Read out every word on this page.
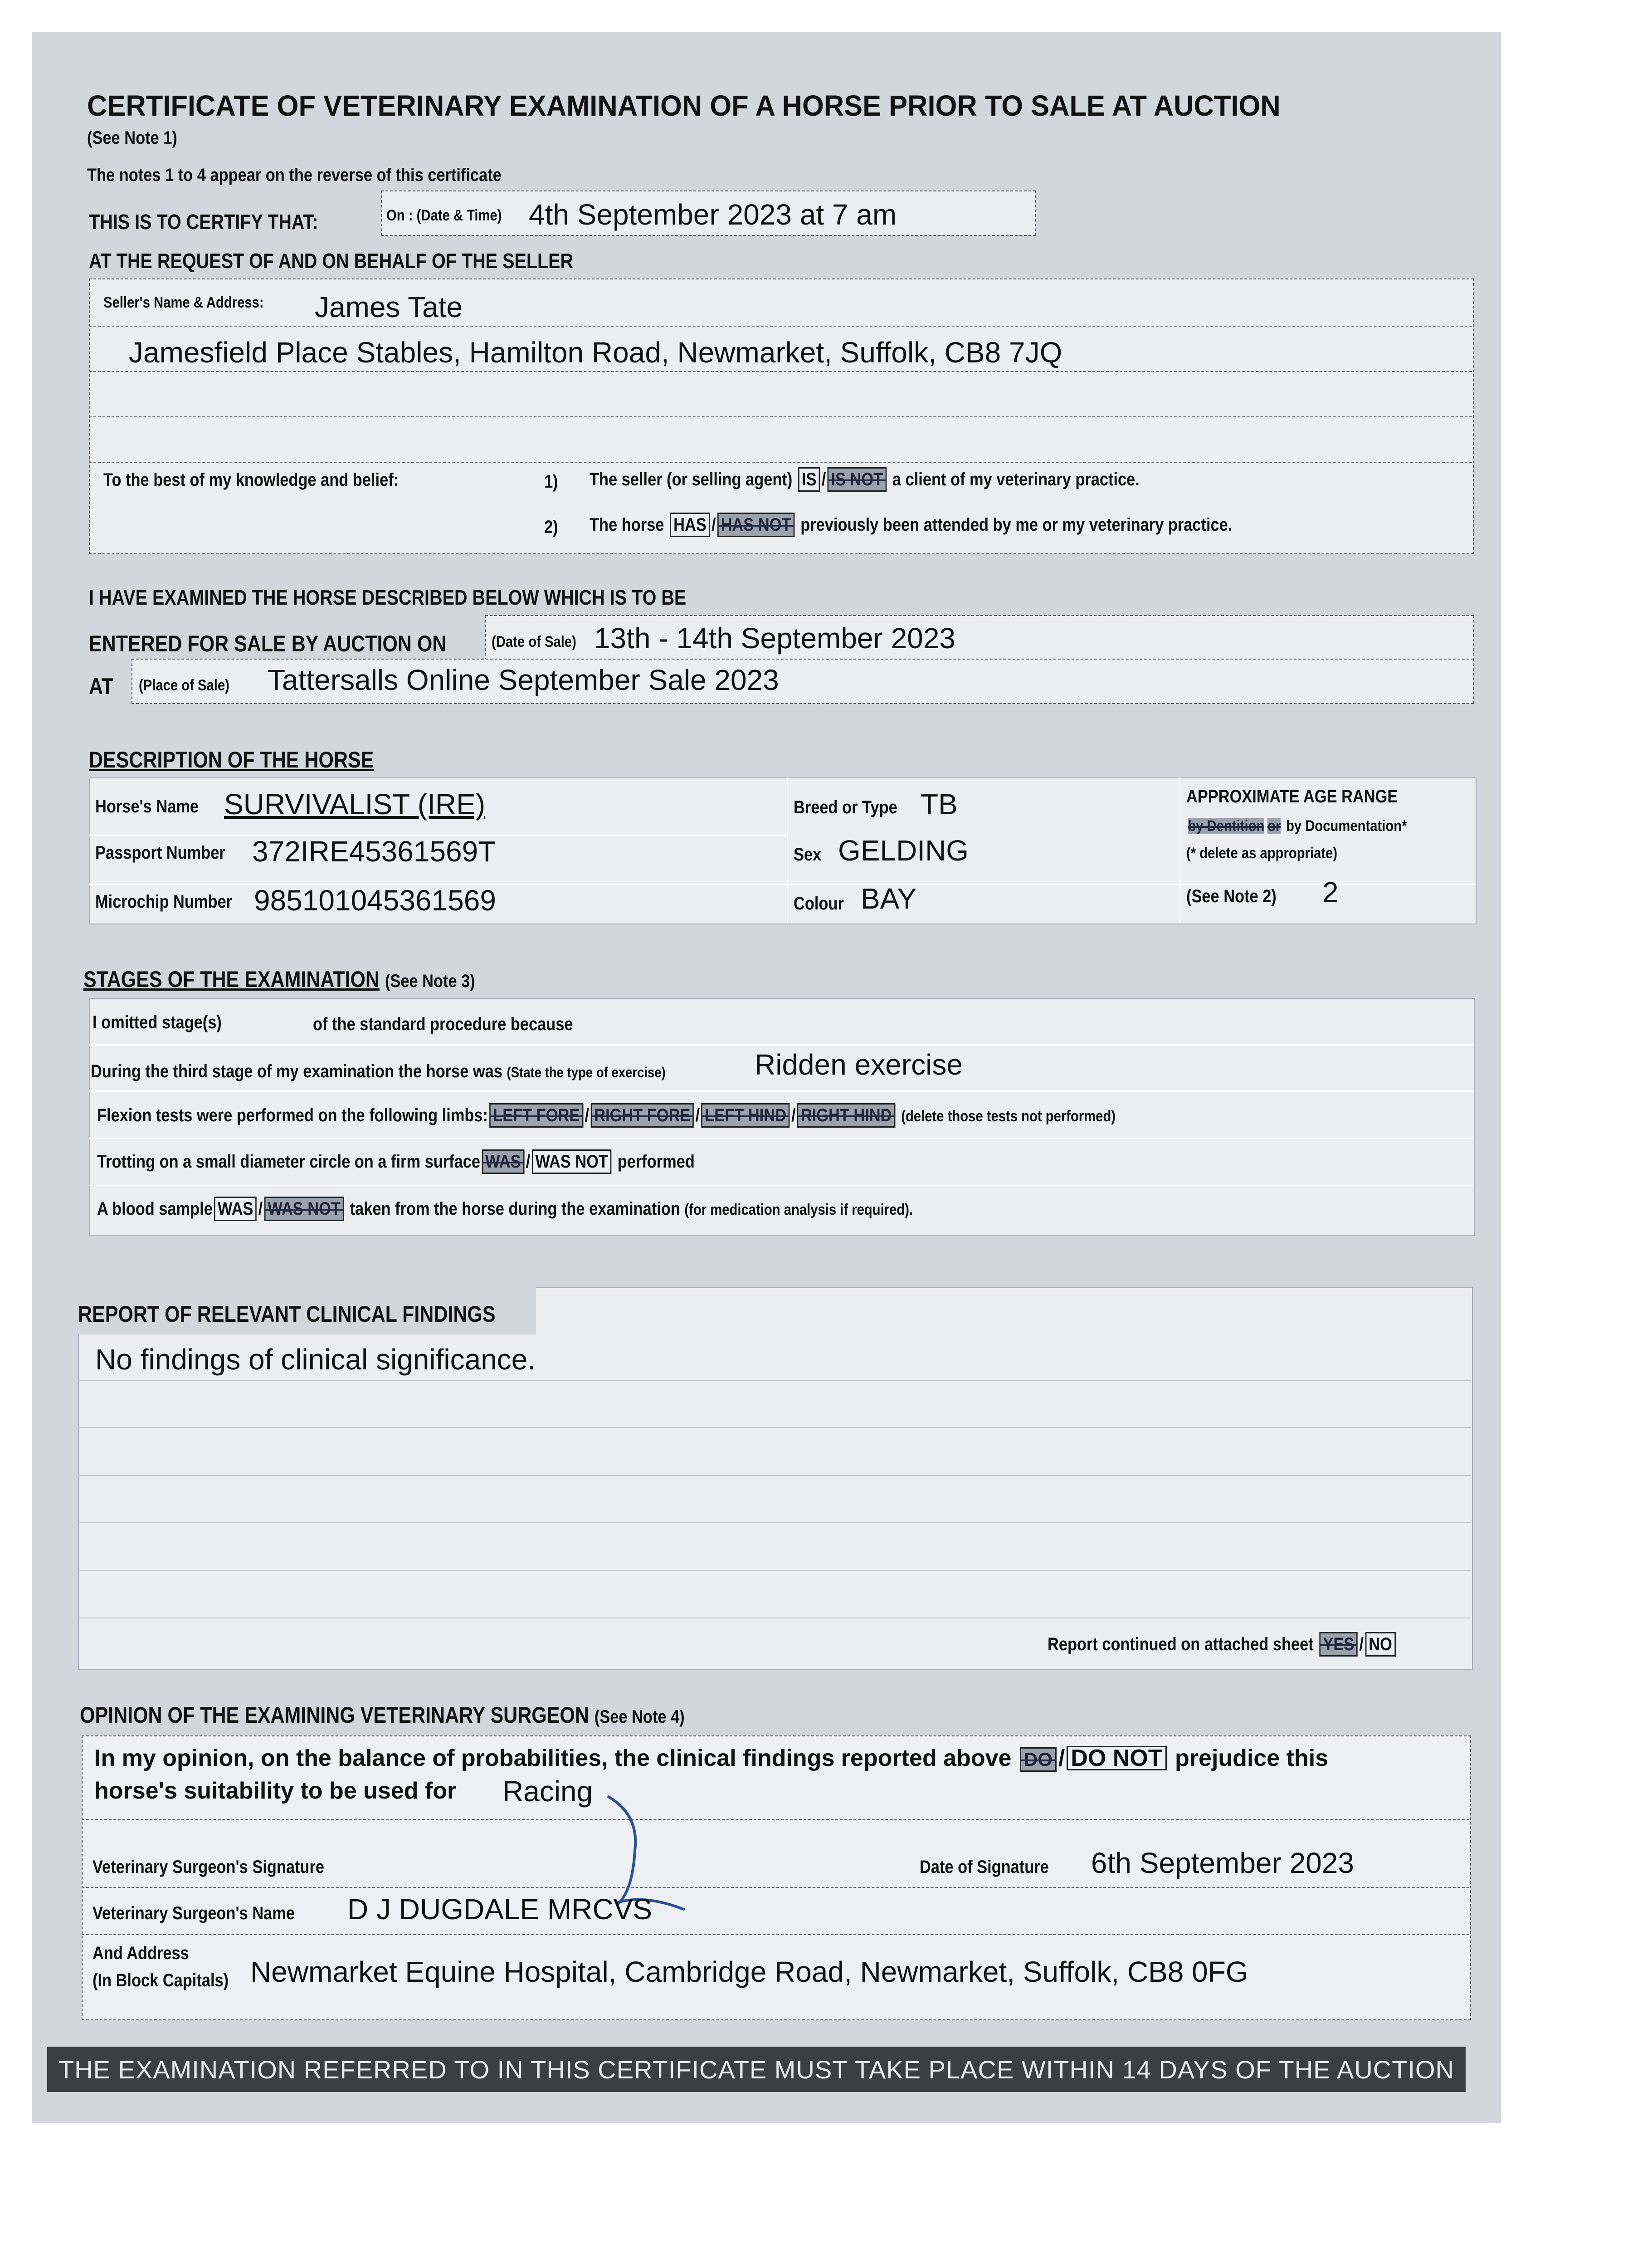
CERTIFICATE OF VETERINARY EXAMINATION OF A HORSE PRIOR TO SALE AT AUCTION
(See Note 1)
The notes 1 to 4 appear on the reverse of this certificate
THIS IS TO CERTIFY THAT:	On : (Date & Time) 4th September 2023 at 7 am
AT THE REQUEST OF AND ON BEHALF OF THE SELLER
Seller's Name & Address: James Tate
Jamesfield Place Stables, Hamilton Road, Newmarket, Suffolk, CB8 7JQ
To the best of my knowledge and belief:	1) The seller (or selling agent) IS / IS NOT a client of my veterinary practice.
2) The horse HAS / HAS NOT previously been attended by me or my veterinary practice.
I HAVE EXAMINED THE HORSE DESCRIBED BELOW WHICH IS TO BE
ENTERED FOR SALE BY AUCTION ON	(Date of Sale) 13th - 14th September 2023
AT (Place of Sale) Tattersalls Online September Sale 2023
DESCRIPTION OF THE HORSE
Horse's Name SURVIVALIST (IRE)
Passport Number 372IRE45361569T
Microchip Number 985101045361569
Breed or Type TB
Sex GELDING
Colour BAY
APPROXIMATE AGE RANGE
by Dentition or by Documentation*
(* delete as appropriate)
(See Note 2) 2
STAGES OF THE EXAMINATION (See Note 3)
I omitted stage(s)	of the standard procedure because
During the third stage of my examination the horse was (State the type of exercise)	Ridden exercise
Flexion tests were performed on the following limbs: LEFT FORE / RIGHT FORE / LEFT HIND / RIGHT HIND (delete those tests not performed)
Trotting on a small diameter circle on a firm surface WAS / WAS NOT performed
A blood sample WAS / WAS NOT taken from the horse during the examination (for medication analysis if required).
REPORT OF RELEVANT CLINICAL FINDINGS
No findings of clinical significance.
Report continued on attached sheet YES / NO
OPINION OF THE EXAMINING VETERINARY SURGEON (See Note 4)
In my opinion, on the balance of probabilities, the clinical findings reported above DO / DO NOT prejudice this
horse's suitability to be used for Racing
Veterinary Surgeon's Signature	Date of Signature 6th September 2023
Veterinary Surgeon's Name D J DUGDALE MRCVS
And Address
(In Block Capitals) Newmarket Equine Hospital, Cambridge Road, Newmarket, Suffolk, CB8 0FG
THE EXAMINATION REFERRED TO IN THIS CERTIFICATE MUST TAKE PLACE WITHIN 14 DAYS OF THE AUCTION
